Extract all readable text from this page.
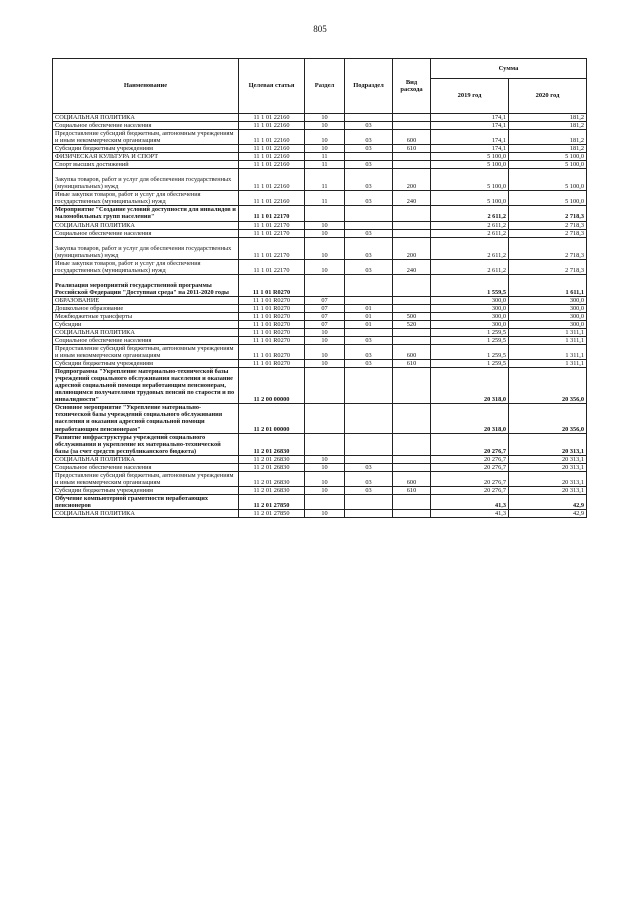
805
Наименование	Целевая статья	Раздел	Подраздел	Вид расхода	Сумма	
					2019 год	2020 год
СОЦИАЛЬНАЯ ПОЛИТИКА	11 1 01 22160	10			174,1	181,2
Социальное обеспечение населения	11 1 01 22160	10	03		174,1	181,2
Предоставление субсидий бюджетным, автономным учреждениям и иным некоммерческим организациям	11 1 01 22160	10	03	600	174,1	181,2
Субсидии бюджетным учреждениям	11 1 01 22160	10	03	610	174,1	181,2
ФИЗИЧЕСКАЯ КУЛЬТУРА И СПОРТ	11 1 01 22160	11			5 100,0	5 100,0
Спорт высших достижений	11 1 01 22160	11	03		5 100,0	5 100,0
Закупка товаров, работ и услуг для обеспечения государственных (муниципальных) нужд	11 1 01 22160	11	03	200	5 100,0	5 100,0
Иные закупки товаров, работ и услуг для обеспечения государственных (муниципальных) нужд	11 1 01 22160	11	03	240	5 100,0	5 100,0
Мероприятие "Создание условий доступности для инвалидов и маломобильных групп населения"	11 1 01 22170				2 611,2	2 718,3
СОЦИАЛЬНАЯ ПОЛИТИКА	11 1 01 22170	10			2 611,2	2 718,3
Социальное обеспечение населения	11 1 01 22170	10	03		2 611,2	2 718,3
Закупка товаров, работ и услуг для обеспечения государственных (муниципальных) нужд	11 1 01 22170	10	03	200	2 611,2	2 718,3
Иные закупки товаров, работ и услуг для обеспечения государственных (муниципальных) нужд	11 1 01 22170	10	03	240	2 611,2	2 718,3
Реализация мероприятий государственной программы Российской Федерации "Доступная среда" на 2011-2020 годы	11 1 01 R0270				1 559,5	1 611,1
ОБРАЗОВАНИЕ	11 1 01 R0270	07			300,0	300,0
Дошкольное образование	11 1 01 R0270	07	01		300,0	300,0
Межбюджетные трансферты	11 1 01 R0270	07	01	500	300,0	300,0
Субсидии	11 1 01 R0270	07	01	520	300,0	300,0
СОЦИАЛЬНАЯ ПОЛИТИКА	11 1 01 R0270	10			1 259,5	1 311,1
Социальное обеспечение населения	11 1 01 R0270	10	03		1 259,5	1 311,1
Предоставление субсидий бюджетным, автономным учреждениям и иным некоммерческим организациям	11 1 01 R0270	10	03	600	1 259,5	1 311,1
Субсидии бюджетным учреждениям	11 1 01 R0270	10	03	610	1 259,5	1 311,1
Подпрограмма "Укрепление материально-технической базы учреждений социального обслуживания населения и оказание адресной социальной помощи неработающим пенсионерам, являющимся получателями трудовых пенсий по старости и по инвалидности"	11 2 00 00000				20 318,0	20 356,0
Основное мероприятие "Укрепление материально-технической базы учреждений социального обслуживания населения и оказания адресной социальной помощи неработающим пенсионерам"	11 2 01 00000				20 318,0	20 356,0
Развитие инфраструктуры учреждений социального обслуживания и укрепление их материально-технической базы (за счет средств республиканского бюджета)	11 2 01 26830				20 276,7	20 313,1
СОЦИАЛЬНАЯ ПОЛИТИКА	11 2 01 26830	10			20 276,7	20 313,1
Социальное обеспечение населения	11 2 01 26830	10	03		20 276,7	20 313,1
Предоставление субсидий бюджетным, автономным учреждениям и иным некоммерческим организациям	11 2 01 26830	10	03	600	20 276,7	20 313,1
Субсидии бюджетным учреждениям	11 2 01 26830	10	03	610	20 276,7	20 313,1
Обучение компьютерной грамотности неработающих пенсионеров	11 2 01 27850				41,3	42,9
СОЦИАЛЬНАЯ ПОЛИТИКА	11 2 01 27850	10			41,3	42,9
